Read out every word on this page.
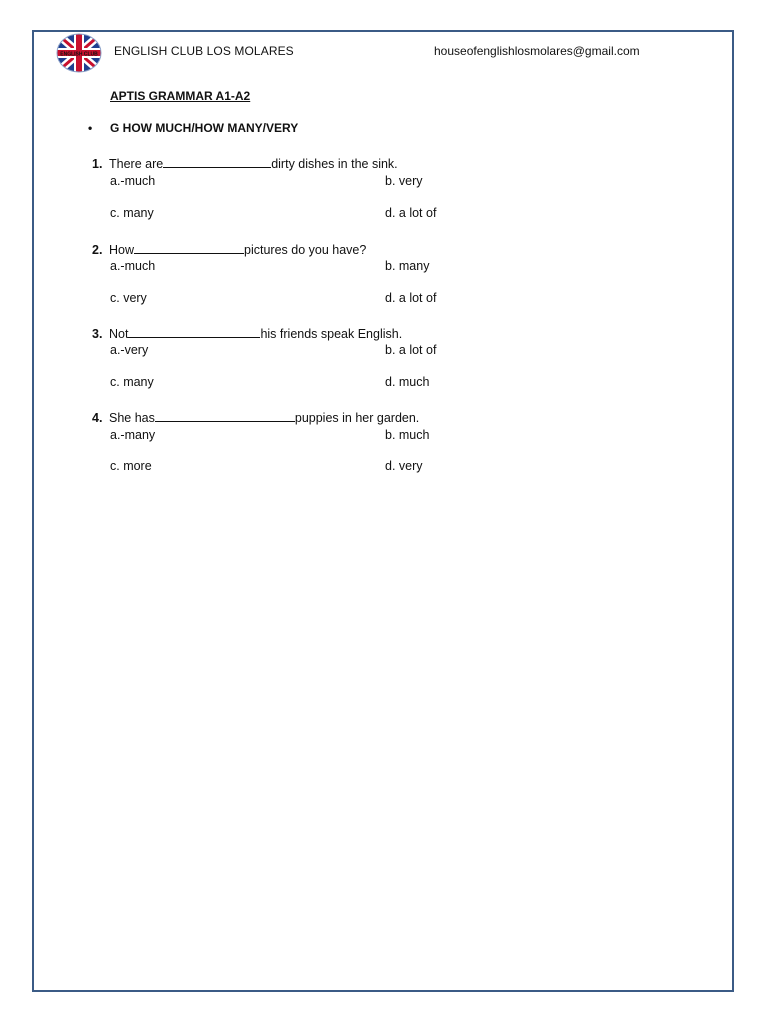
ENGLISH CLUB ENGLISH CLUB LOS MOLARES	houseofenglishlosmolares@gmail.com
APTIS GRAMMAR A1-A2
• G HOW MUCH/HOW MANY/VERY
1. There are	dirty dishes in the sink.
a.-much	b. very
c. many	d. a lot of
2. How	pictures do you have?
a.-much	b. many
c. very	d. a lot of
3. Not	his friends speak English.
a.-very	b. a lot of
c. many	d. much
4. She has	puppies in her garden.
a.-many	b. much
c. more	d. very
